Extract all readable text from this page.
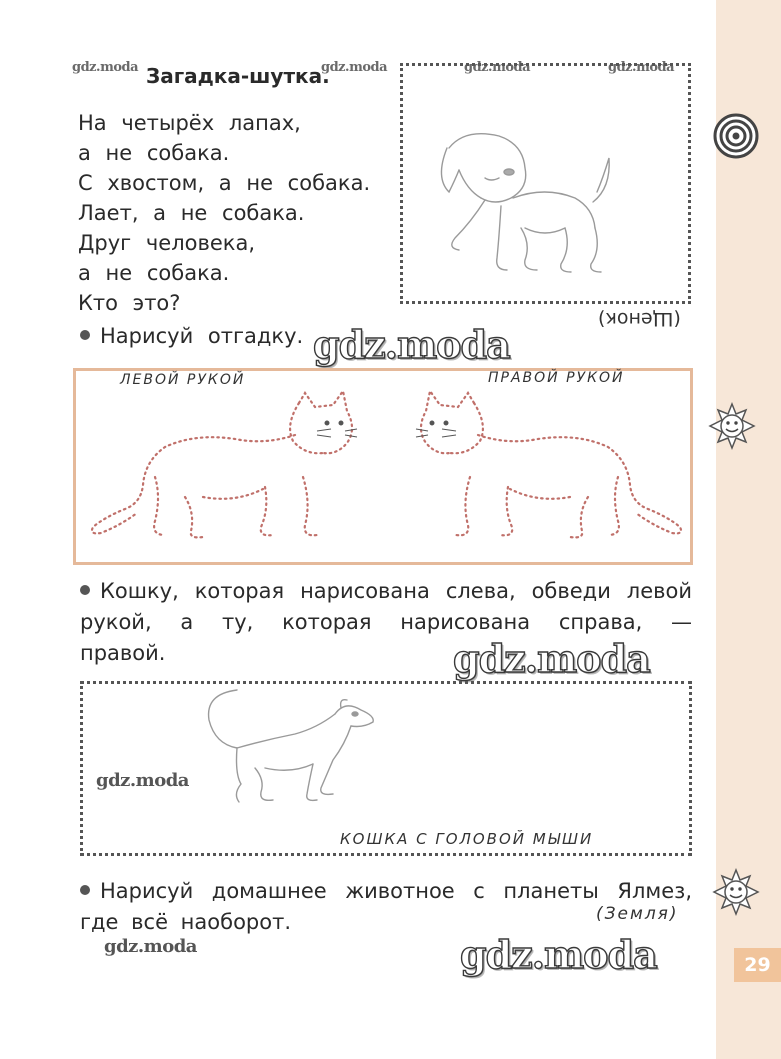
29
Загадка-шутка.
gdz.moda	gdz.moda	gdz.moda	gdz.moda
На четырёх лапах,
а не собака.
С хвостом, а не собака.
Лает, а не собака.
Друг человека,
а не собака.
Кто это?
(Щенок)
Нарисуй отгадку. gdz.moda
ЛЕВОЙ РУКОЙ	ПРАВОЙ РУКОЙ
Кошку, которая нарисована слева, обведи левой рукой, а ту, которая нарисована справа, — правой.	gdz.moda
gdz.moda
КОШКА С ГОЛОВОЙ МЫШИ
Нарисуй домашнее животное с планеты Ялмез, где всё наоборот.	(Земля)
gdz.moda	gdz.moda
